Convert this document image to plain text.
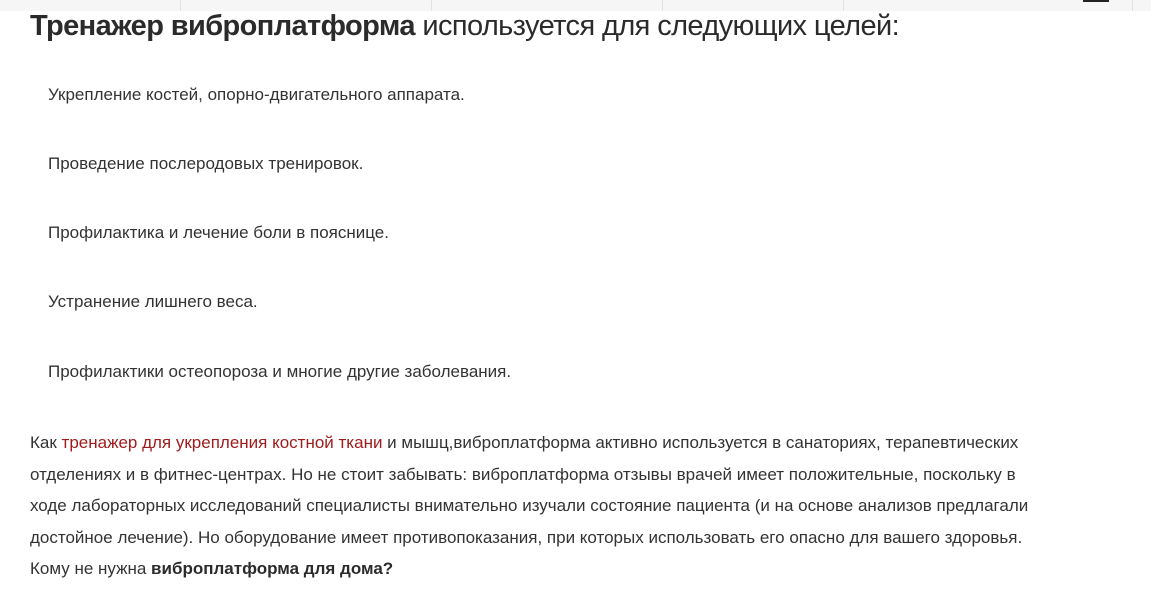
Тренажер виброплатформа используется для следующих целей:
Укрепление костей, опорно-двигательного аппарата.
Проведение послеродовых тренировок.
Профилактика и лечение боли в пояснице.
Устранение лишнего веса.
Профилактики остеопороза и многие другие заболевания.

Как тренажер для укрепления костной ткани и мышц,виброплатформа активно используется в санаториях, терапевтических
отделениях и в фитнес-центрах. Но не стоит забывать: виброплатформа отзывы врачей имеет положительные, поскольку в
ходе лабораторных исследований специалисты внимательно изучали состояние пациента (и на основе анализов предлагали
достойное лечение). Но оборудование имеет противопоказания, при которых использовать его опасно для вашего здоровья.
Кому не нужна виброплатформа для дома?
